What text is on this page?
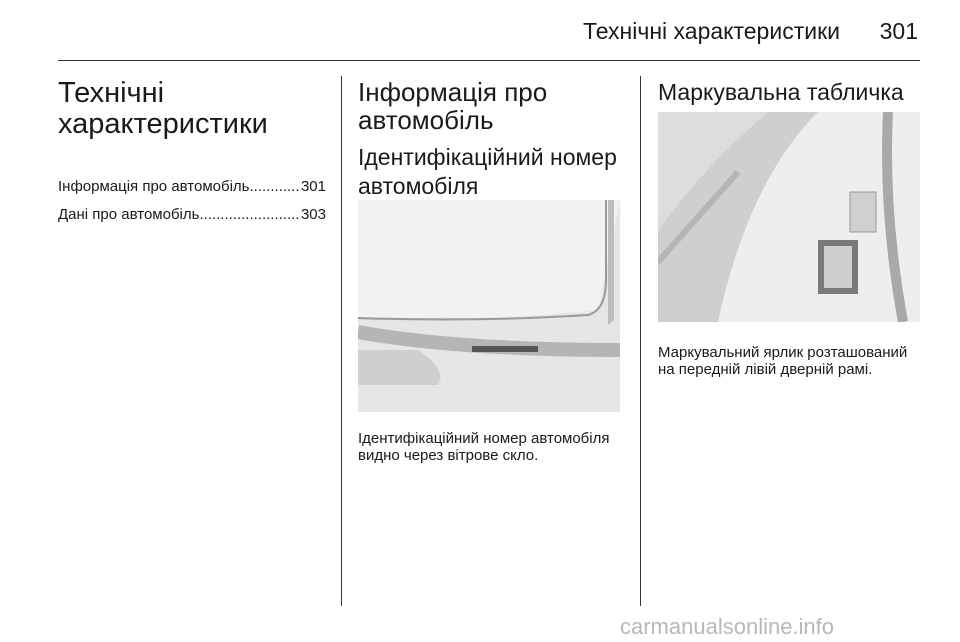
Технічні характеристики 301
Технічні характеристики
Інформація про автомобіль .....	301
Дані про автомобіль .....	303
Інформація про автомобіль
Ідентифікаційний номер автомобіля
Ідентифікаційний номер автомобіля видно через вітрове скло.
Маркувальна табличка
Маркувальний ярлик розташований на передній лівій дверній рамі.
carmanualsonline.info
